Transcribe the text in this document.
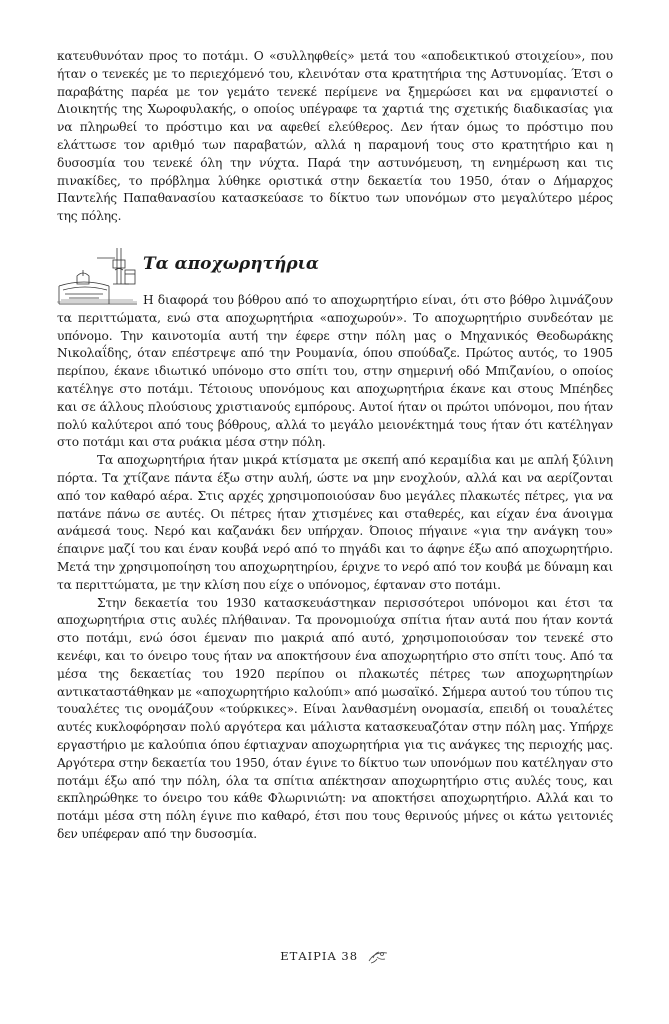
κατευθυνόταν προς το ποτάμι. Ο «συλληφθείς» μετά του «αποδεικτικού στοιχείου», που ήταν ο τενεκές με το περιεχόμενό του, κλεινόταν στα κρατητήρια της Αστυνομίας. Έτσι ο παραβάτης παρέα με τον γεμάτο τενεκέ περίμενε να ξημερώσει και να εμφανιστεί ο Διοικητής της Χωροφυλακής, ο οποίος υπέγραφε τα χαρτιά της σχετικής διαδικασίας για να πληρωθεί το πρόστιμο και να αφεθεί ελεύθερος. Δεν ήταν όμως το πρόστιμο που ελάττωσε τον αριθμό των παραβατών, αλλά η παραμονή τους στο κρατητήριο και η δυσοσμία του τενεκέ όλη την νύχτα. Παρά την αστυνόμευση, τη ενημέρωση και τις πινακίδες, το πρόβλημα λύθηκε οριστικά στην δεκαετία του 1950, όταν ο Δήμαρχος Παντελής Παπαθανασίου κατασκεύασε το δίκτυο των υπονόμων στο μεγαλύτερο μέρος της πόλης.

Τα αποχωρητήρια

Η διαφορά του βόθρου από το αποχωρητήριο είναι, ότι στο βόθρο λιμνάζουν τα περιττώματα, ενώ στα αποχωρητήρια «αποχωρούν». Το αποχωρητήριο συνδεόταν με υπόνομο. Την καινοτομία αυτή την έφερε στην πόλη μας ο Μηχανικός Θεοδωράκης Νικολαΐδης, όταν επέστρεψε από την Ρουμανία, όπου σπούδαζε. Πρώτος αυτός, το 1905 περίπου, έκανε ιδιωτικό υπόνομο στο σπίτι του, στην σημερινή οδό Μπιζανίου, ο οποίος κατέληγε στο ποτάμι. Τέτοιους υπονόμους και αποχωρητήρια έκανε και στους Μπέηδες και σε άλλους πλούσιους χριστιανούς εμπόρους. Αυτοί ήταν οι πρώτοι υπόνομοι, που ήταν πολύ καλύτεροι από τους βόθρους, αλλά το μεγάλο μειονέκτημά τους ήταν ότι κατέληγαν στο ποτάμι και στα ρυάκια μέσα στην πόλη.

Τα αποχωρητήρια ήταν μικρά κτίσματα με σκεπή από κεραμίδια και με απλή ξύλινη πόρτα. Τα χτίζανε πάντα έξω στην αυλή, ώστε να μην ενοχλούν, αλλά και να αερίζονται από τον καθαρό αέρα. Στις αρχές χρησιμοποιούσαν δυο μεγάλες πλακωτές πέτρες, για να πατάνε πάνω σε αυτές. Οι πέτρες ήταν χτισμένες και σταθερές, και είχαν ένα άνοιγμα ανάμεσά τους. Νερό και καζανάκι δεν υπήρχαν. Όποιος πήγαινε «για την ανάγκη του» έπαιρνε μαζί του και έναν κουβά νερό από το πηγάδι και το άφηνε έξω από αποχωρητήριο. Μετά την χρησιμοποίηση του αποχωρητηρίου, έριχνε το νερό από τον κουβά με δύναμη και τα περιττώματα, με την κλίση που είχε ο υπόνομος, έφταναν στο ποτάμι.

Στην δεκαετία του 1930 κατασκευάστηκαν περισσότεροι υπόνομοι και έτσι τα αποχωρητήρια στις αυλές πλήθαιναν. Τα προνομιούχα σπίτια ήταν αυτά που ήταν κοντά στο ποτάμι, ενώ όσοι έμεναν πιο μακριά από αυτό, χρησιμοποιούσαν τον τενεκέ στο κενέφι, και το όνειρο τους ήταν να αποκτήσουν ένα αποχωρητήριο στο σπίτι τους. Από τα μέσα της δεκαετίας του 1920 περίπου οι πλακωτές πέτρες των αποχωρητηρίων αντικαταστάθηκαν με «αποχωρητήριο καλούπι» από μωσαϊκό. Σήμερα αυτού του τύπου τις τουαλέτες τις ονομάζουν «τούρκικες». Είναι λανθασμένη ονομασία, επειδή οι τουαλέτες αυτές κυκλοφόρησαν πολύ αργότερα και μάλιστα κατασκευαζόταν στην πόλη μας. Υπήρχε εργαστήριο με καλούπια όπου έφτιαχναν αποχωρητήρια για τις ανάγκες της περιοχής μας. Αργότερα στην δεκαετία του 1950, όταν έγινε το δίκτυο των υπονόμων που κατέληγαν στο ποτάμι έξω από την πόλη, όλα τα σπίτια απέκτησαν αποχωρητήριο στις αυλές τους, και εκπληρώθηκε το όνειρο του κάθε Φλωρινιώτη: να αποκτήσει αποχωρητήριο. Αλλά και το ποτάμι μέσα στη πόλη έγινε πιο καθαρό, έτσι που τους θερινούς μήνες οι κάτω γειτονιές δεν υπέφεραν από την δυσοσμία.

ΕΤΑΙΡΙΑ 38
